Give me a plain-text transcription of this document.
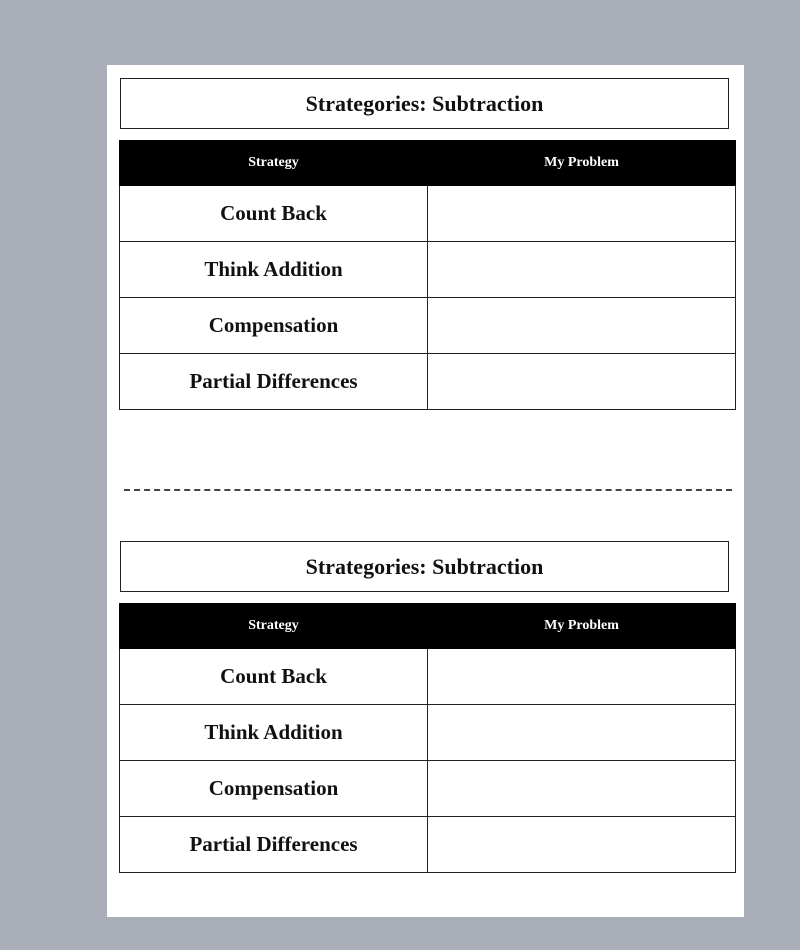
Strategories: Subtraction
Strategy	My Problem
Count Back	
Think Addition	
Compensation	
Partial Differences	
Strategories: Subtraction
Strategy	My Problem
Count Back	
Think Addition	
Compensation	
Partial Differences	
